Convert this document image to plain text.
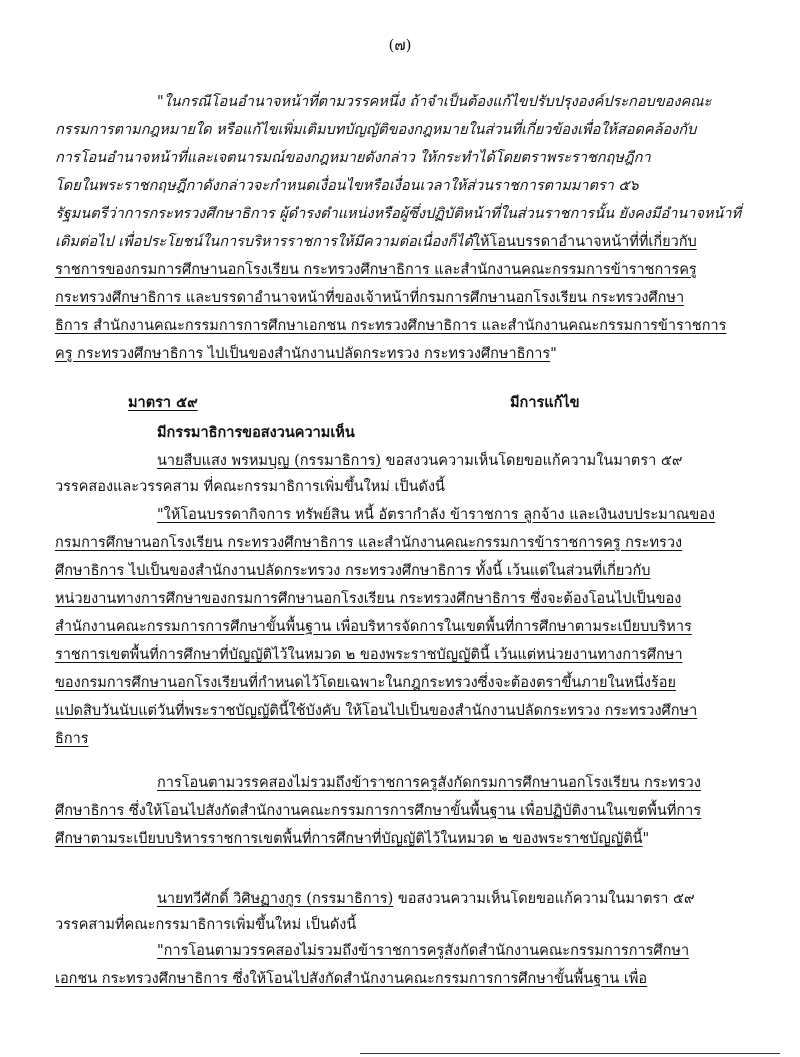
(๗)
"ในกรณีโอนอำนาจหน้าที่ตามวรรคหนึ่ง ถ้าจำเป็นต้องแก้ไขปรับปรุงองค์ประกอบของคณะ
กรรมการตามกฎหมายใด หรือแก้ไขเพิ่มเติมบทบัญญัติของกฎหมายในส่วนที่เกี่ยวข้องเพื่อให้สอดคล้องกับ
การโอนอำนาจหน้าที่และเจตนารมณ์ของกฎหมายดังกล่าว ให้กระทำได้โดยตราพระราชกฤษฎีกา
โดยในพระราชกฤษฎีกาดังกล่าวจะกำหนดเงื่อนไขหรือเงื่อนเวลาให้ส่วนราชการตามมาตรา ๕๖
รัฐมนตรีว่าการกระทรวงศึกษาธิการ ผู้ดำรงตำแหน่งหรือผู้ซึ่งปฏิบัติหน้าที่ในส่วนราชการนั้น ยังคงมีอำนาจหน้าที่
เดิมต่อไป เพื่อประโยชน์ในการบริหารราชการให้มีความต่อเนื่องก็ได้ให้โอนบรรดาอำนาจหน้าที่ที่เกี่ยวกับ
ราชการของกรมการศึกษานอกโรงเรียน กระทรวงศึกษาธิการ และสำนักงานคณะกรรมการข้าราชการครู
กระทรวงศึกษาธิการ และบรรดาอำนาจหน้าที่ของเจ้าหน้าที่กรมการศึกษานอกโรงเรียน กระทรวงศึกษา
ธิการ สำนักงานคณะกรรมการการศึกษาเอกชน กระทรวงศึกษาธิการ และสำนักงานคณะกรรมการข้าราชการ
ครู กระทรวงศึกษาธิการ ไปเป็นของสำนักงานปลัดกระทรวง กระทรวงศึกษาธิการ"
มาตรา ๕๙	มีการแก้ไข
มีกรรมาธิการขอสงวนความเห็น
นายสืบแสง พรหมบุญ (กรรมาธิการ) ขอสงวนความเห็นโดยขอแก้ความในมาตรา ๕๙
วรรคสองและวรรคสาม ที่คณะกรรมาธิการเพิ่มขึ้นใหม่ เป็นดังนี้
"ให้โอนบรรดากิจการ ทรัพย์สิน หนี้ อัตรากำลัง ข้าราชการ ลูกจ้าง และเงินงบประมาณของ
กรมการศึกษานอกโรงเรียน กระทรวงศึกษาธิการ และสำนักงานคณะกรรมการข้าราชการครู กระทรวง
ศึกษาธิการ ไปเป็นของสำนักงานปลัดกระทรวง กระทรวงศึกษาธิการ ทั้งนี้ เว้นแต่ในส่วนที่เกี่ยวกับ
หน่วยงานทางการศึกษาของกรมการศึกษานอกโรงเรียน กระทรวงศึกษาธิการ ซึ่งจะต้องโอนไปเป็นของ
สำนักงานคณะกรรมการการศึกษาขั้นพื้นฐาน เพื่อบริหารจัดการในเขตพื้นที่การศึกษาตามระเบียบบริหาร
ราชการเขตพื้นที่การศึกษาที่บัญญัติไว้ในหมวด ๒ ของพระราชบัญญัตินี้ เว้นแต่หน่วยงานทางการศึกษา
ของกรมการศึกษานอกโรงเรียนที่กำหนดไว้โดยเฉพาะในกฎกระทรวงซึ่งจะต้องตราขึ้นภายในหนึ่งร้อย
แปดสิบวันนับแต่วันที่พระราชบัญญัตินี้ใช้บังคับ ให้โอนไปเป็นของสำนักงานปลัดกระทรวง กระทรวงศึกษา
ธิการ
การโอนตามวรรคสองไม่รวมถึงข้าราชการครูสังกัดกรมการศึกษานอกโรงเรียน กระทรวง
ศึกษาธิการ ซึ่งให้โอนไปสังกัดสำนักงานคณะกรรมการการศึกษาขั้นพื้นฐาน เพื่อปฏิบัติงานในเขตพื้นที่การ
ศึกษาตามระเบียบบริหารราชการเขตพื้นที่การศึกษาที่บัญญัติไว้ในหมวด ๒ ของพระราชบัญญัตินี้"
นายทวีศักดิ์ วิศิษฏางกูร (กรรมาธิการ) ขอสงวนความเห็นโดยขอแก้ความในมาตรา ๕๙
วรรคสามที่คณะกรรมาธิการเพิ่มขึ้นใหม่ เป็นดังนี้
"การโอนตามวรรคสองไม่รวมถึงข้าราชการครูสังกัดสำนักงานคณะกรรมการการศึกษา
เอกชน กระทรวงศึกษาธิการ ซึ่งให้โอนไปสังกัดสำนักงานคณะกรรมการการศึกษาขั้นพื้นฐาน เพื่อ
